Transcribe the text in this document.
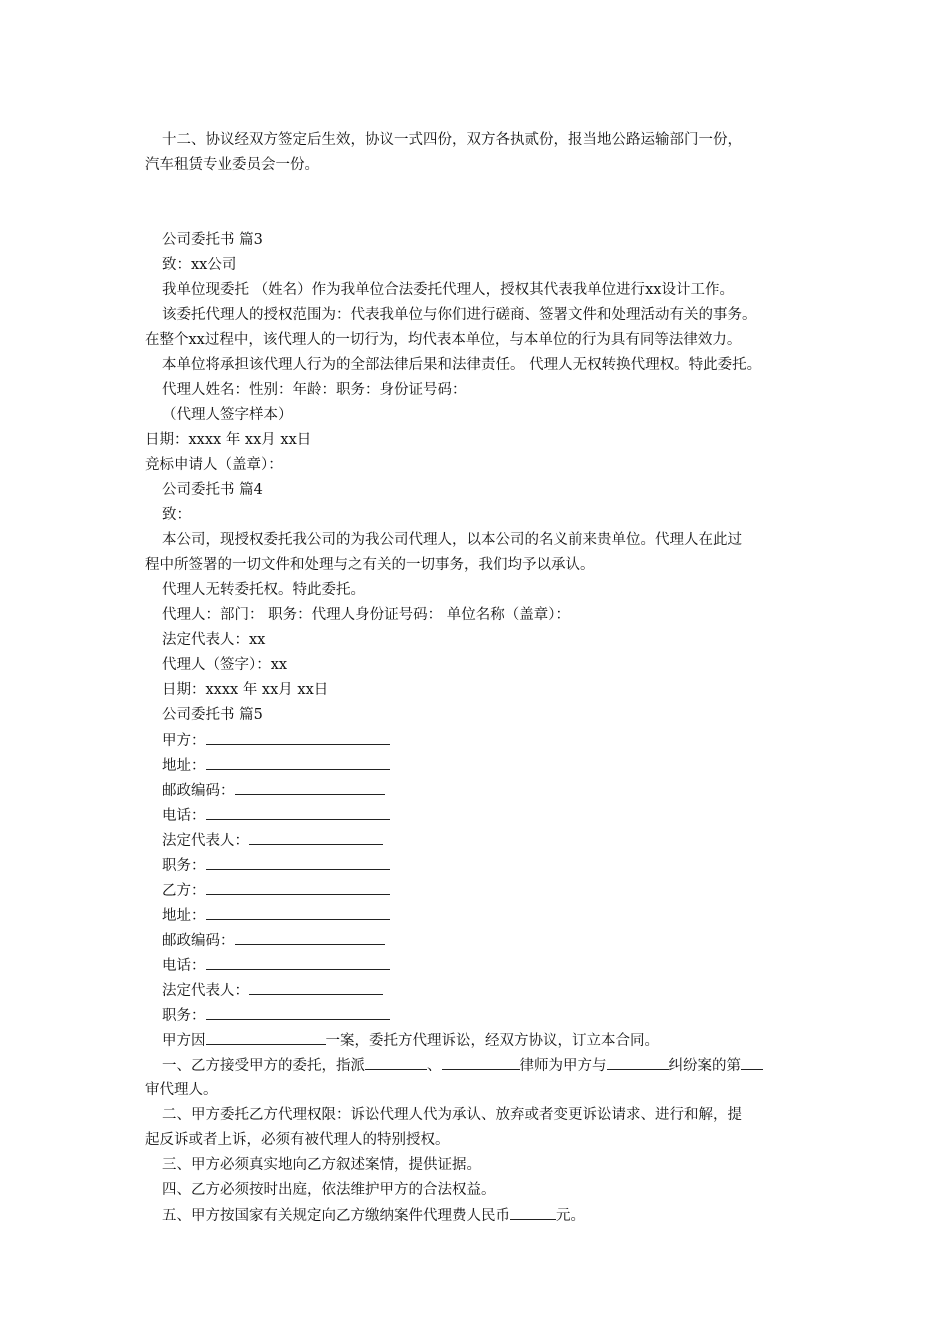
十二、协议经双方签定后生效，协议一式四份，双方各执贰份，报当地公路运输部门一份，
汽车租赁专业委员会一份。
公司委托书 篇3
致：xx公司
我单位现委托 （姓名）作为我单位合法委托代理人，授权其代表我单位进行xx设计工作。
该委托代理人的授权范围为：代表我单位与你们进行磋商、签署文件和处理活动有关的事务。
在整个xx过程中，该代理人的一切行为，均代表本单位，与本单位的行为具有同等法律效力。
本单位将承担该代理人行为的全部法律后果和法律责任。 代理人无权转换代理权。特此委托。
代理人姓名：性别：年龄：职务：身份证号码：
（代理人签字样本）
日期：xxxx 年 xx月 xx日
竞标申请人（盖章）：
公司委托书 篇4
致：
本公司，现授权委托我公司的为我公司代理人，以本公司的名义前来贵单位。代理人在此过
程中所签署的一切文件和处理与之有关的一切事务，我们均予以承认。
代理人无转委托权。特此委托。
代理人：部门： 职务：代理人身份证号码： 单位名称（盖章）：
法定代表人：xx
代理人（签字）：xx
日期：xxxx 年 xx月 xx日
公司委托书 篇5
甲方：
地址：
邮政编码：
电话：
法定代表人：
职务：
乙方：
地址：
邮政编码：
电话：
法定代表人：
职务：
甲方因	一案，委托方代理诉讼，经双方协议，订立本合同。
一、乙方接受甲方的委托，指派	、	律师为甲方与	纠纷案的第
审代理人。
二、甲方委托乙方代理权限：诉讼代理人代为承认、放弃或者变更诉讼请求、进行和解，提
起反诉或者上诉，必须有被代理人的特别授权。
三、甲方必须真实地向乙方叙述案情，提供证据。
四、乙方必须按时出庭，依法维护甲方的合法权益。
五、甲方按国家有关规定向乙方缴纳案件代理费人民币	元。
